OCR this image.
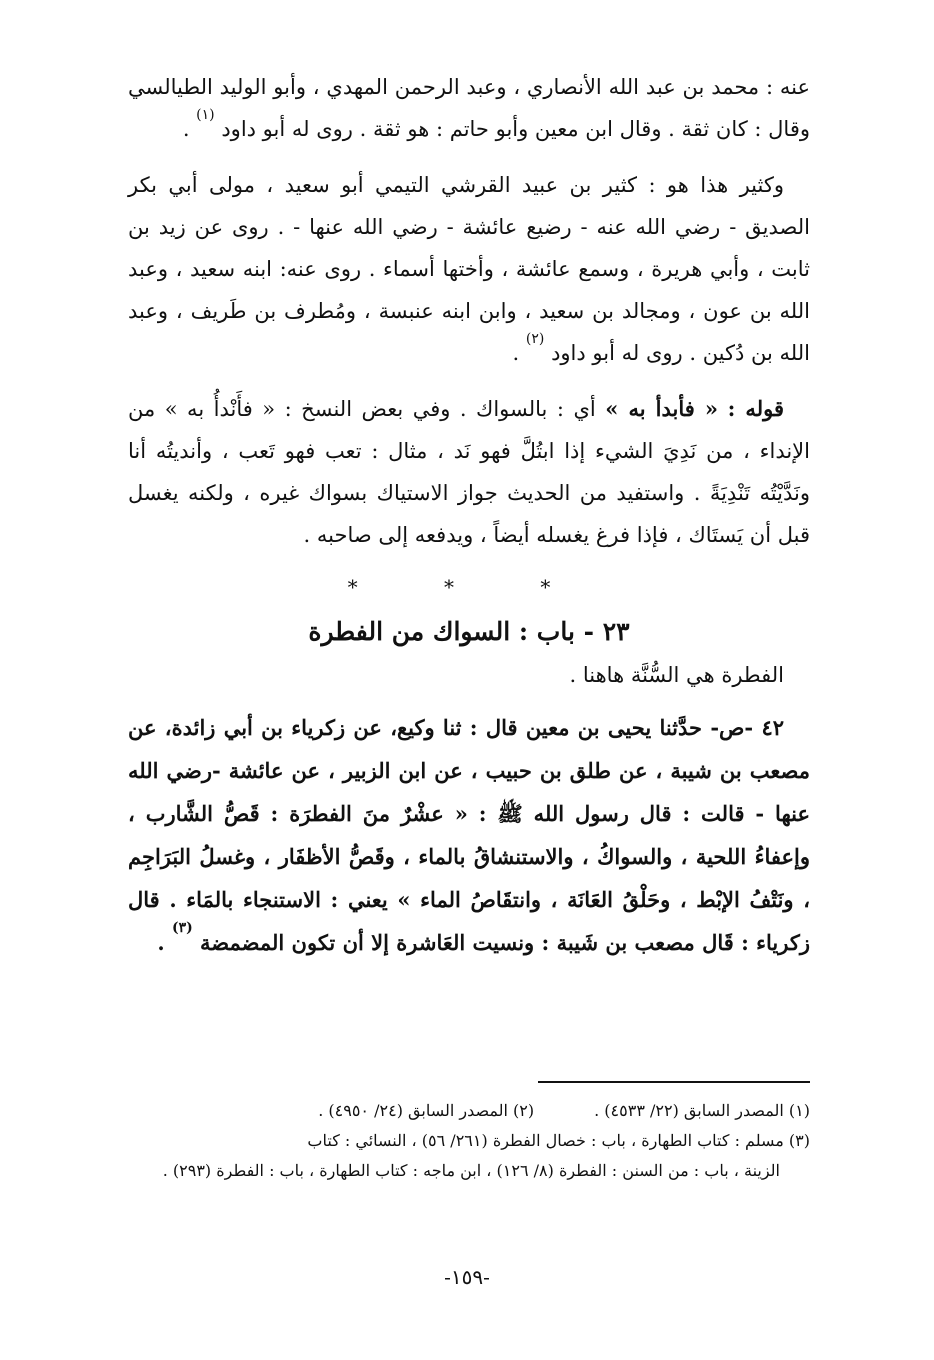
عنه : محمد بن عبد الله الأنصاري ، وعبد الرحمن المهدي ، وأبو الوليد الطيالسي وقال : كان ثقة . وقال ابن معين وأبو حاتم : هو ثقة . روى له أبو داود $^{(١)}$ .

وكثير هذا هو : كثير بن عبيد القرشي التيمي أبو سعيد ، مولى أبي بكر الصديق - رضي الله عنه - رضيع عائشة - رضي الله عنها - . روى عن زيد بن ثابت ، وأبي هريرة ، وسمع عائشة ، وأختها أسماء . روى عنه: ابنه سعيد ، وعبد الله بن عون ، ومجالد بن سعيد ، وابن ابنه عنبسة ، ومُطرف بن طَريف ، وعبد الله بن دُكين . روى له أبو داود $^{(٢)}$ .

قوله : « فأبدأ به » أي : بالسواك . وفي بعض النسخ : « فأَنْدأُ به » من الإنداء ، من نَدِيَ الشيء إذا ابتُلَّ فهو نَد ، مثال : تعب فهو تَعب ، وأنديتُه أنا ونَدَّيْتُه تَنْدِيَةً . واستفيد من الحديث جواز الاستياك بسواك غيره ، ولكنه يغسل قبل أن يَستَاك ، فإذا فرغ يغسله أيضاً ، ويدفعه إلى صاحبه .

* * *
٢٣ - باب : السواك من الفطرة

الفطرة هي السُّنَّة هاهنا .

٤٢ -ص- حدَّثنا يحيى بن معين قال : ثنا وكيع، عن زكرياء بن أبي زائدة، عن مصعب بن شيبة ، عن طلق بن حبيب ، عن ابن الزبير ، عن عائشة -رضي الله عنها - قالت : قال رسول الله ﷺ : « عشْرٌ منَ الفطرَة : قَصُّ الشَّارب ، وإعفاءُ اللحية ، والسواكُ ، والاستنشاقُ بالماء ، وقَصُّ الأظفَار ، وغسلُ البَرَاجِم ، ونَتْفُ الإبْط ، وحَلْقُ العَانَة ، وانتقَاصُ الماء » يعني : الاستنجاء بالمَاء . قال زكرياء : قَال مصعب بن شَيبة : ونسيت العَاشرة إلا أن تكون المضمضة $^{(٣)}$ .

(١) المصدر السابق (٢٢/ ٤٥٣٣) .
(٢) المصدر السابق (٢٤/ ٤٩٥٠) .
(٣) مسلم : كتاب الطهارة ، باب : خصال الفطرة (٢٦١/ ٥٦) ، النسائي : كتاب
الزينة ، باب : من السنن : الفطرة (٨/ ١٢٦) ، ابن ماجه : كتاب الطهارة ، باب : الفطرة (٢٩٣) .
-١٥٩-
